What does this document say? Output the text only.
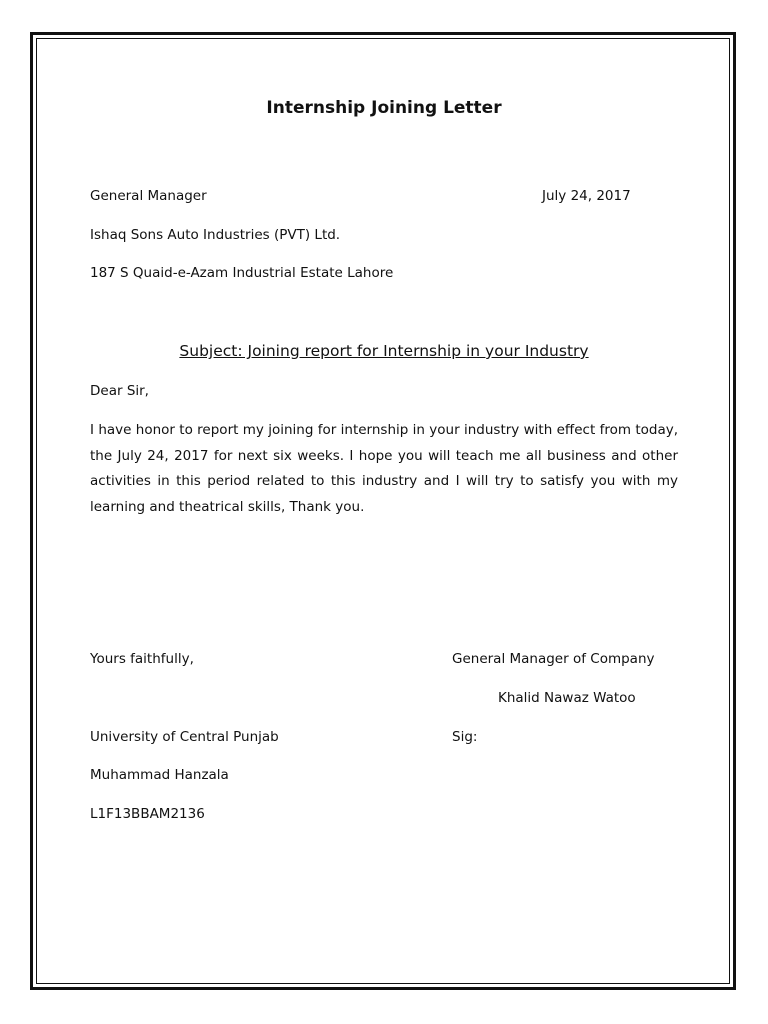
Internship Joining Letter
General Manager	July 24, 2017
Ishaq Sons Auto Industries (PVT) Ltd.
187 S Quaid-e-Azam Industrial Estate Lahore
Subject: Joining report for Internship in your Industry
Dear Sir,
I have honor to report my joining for internship in your industry with effect from today, the July 24, 2017 for next six weeks. I hope you will teach me all business and other activities in this period related to this industry and I will try to satisfy you with my learning and theatrical skills, Thank you.
Yours faithfully,	General Manager of Company
Khalid Nawaz Watoo
University of Central Punjab	Sig:
Muhammad Hanzala
L1F13BBAM2136
